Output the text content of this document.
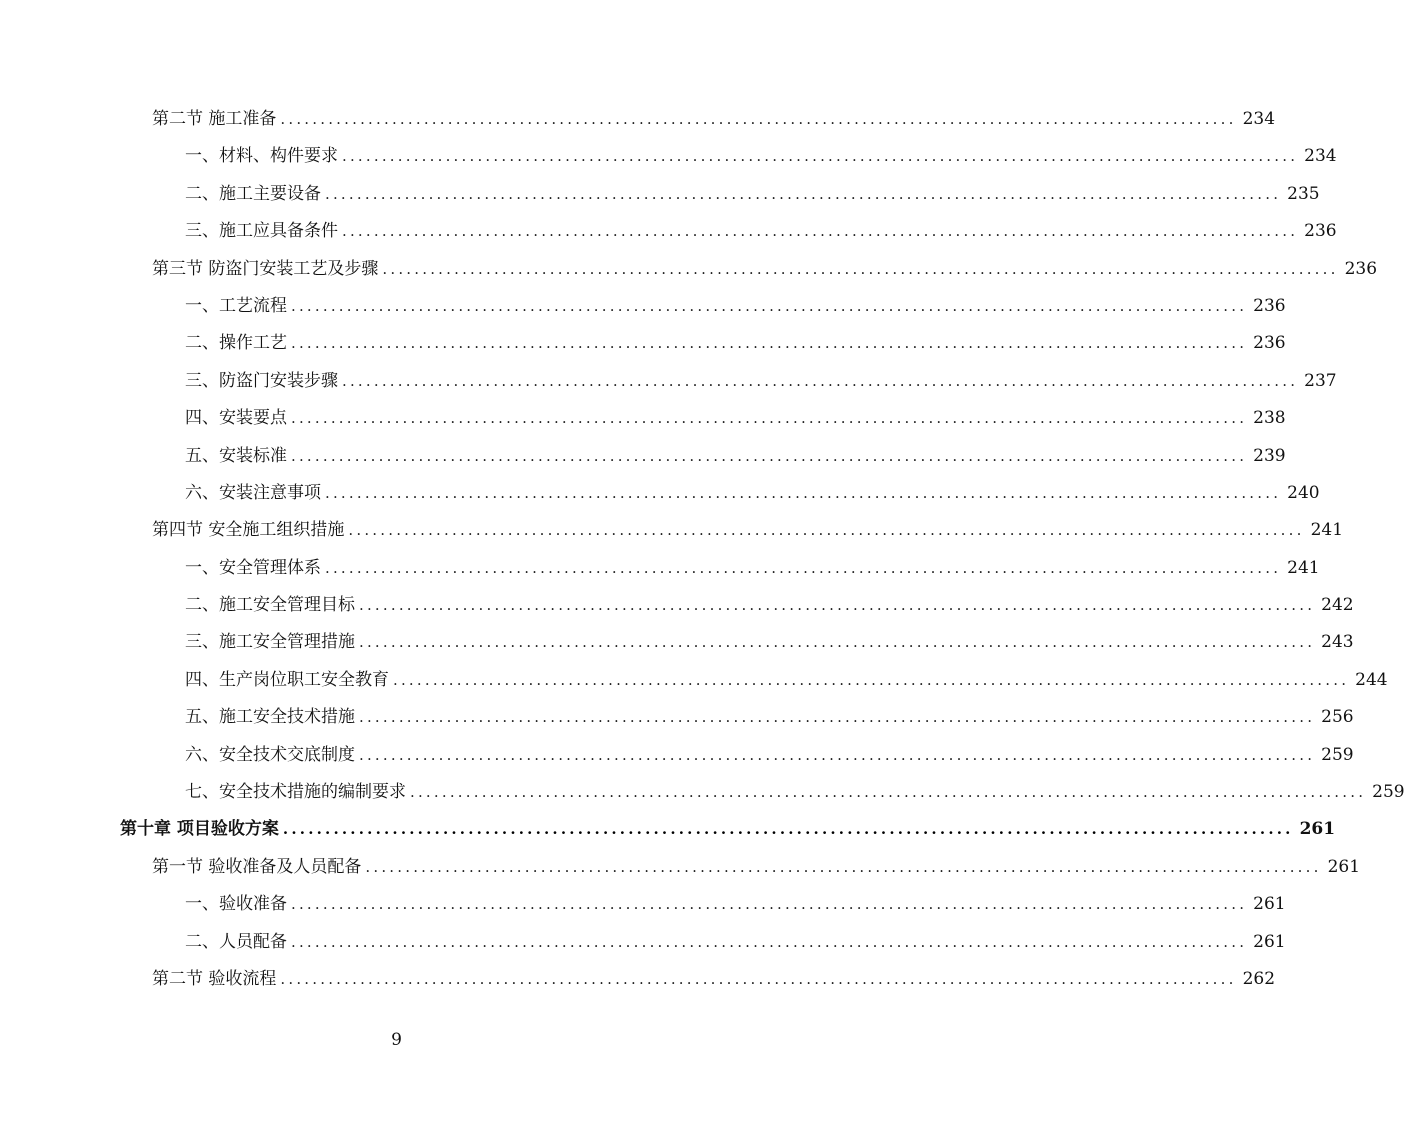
第二节 施工准备 ........................................................................................................................ 234
一、材料、构件要求 ........................................................................................................................ 234
二、施工主要设备 ........................................................................................................................ 235
三、施工应具备条件 ........................................................................................................................ 236
第三节 防盗门安装工艺及步骤 ........................................................................................................................ 236
一、工艺流程 ........................................................................................................................ 236
二、操作工艺 ........................................................................................................................ 236
三、防盗门安装步骤 ........................................................................................................................ 237
四、安装要点 ........................................................................................................................ 238
五、安装标准 ........................................................................................................................ 239
六、安装注意事项 ........................................................................................................................ 240
第四节 安全施工组织措施 ........................................................................................................................ 241
一、安全管理体系 ........................................................................................................................ 241
二、施工安全管理目标 ........................................................................................................................ 242
三、施工安全管理措施 ........................................................................................................................ 243
四、生产岗位职工安全教育 ........................................................................................................................ 244
五、施工安全技术措施 ........................................................................................................................ 256
六、安全技术交底制度 ........................................................................................................................ 259
七、安全技术措施的编制要求 ........................................................................................................................ 259
第十章 项目验收方案 ........................................................................................................................ 261
第一节 验收准备及人员配备 ........................................................................................................................ 261
一、验收准备 ........................................................................................................................ 261
二、人员配备 ........................................................................................................................ 261
第二节 验收流程 ........................................................................................................................ 262
9
